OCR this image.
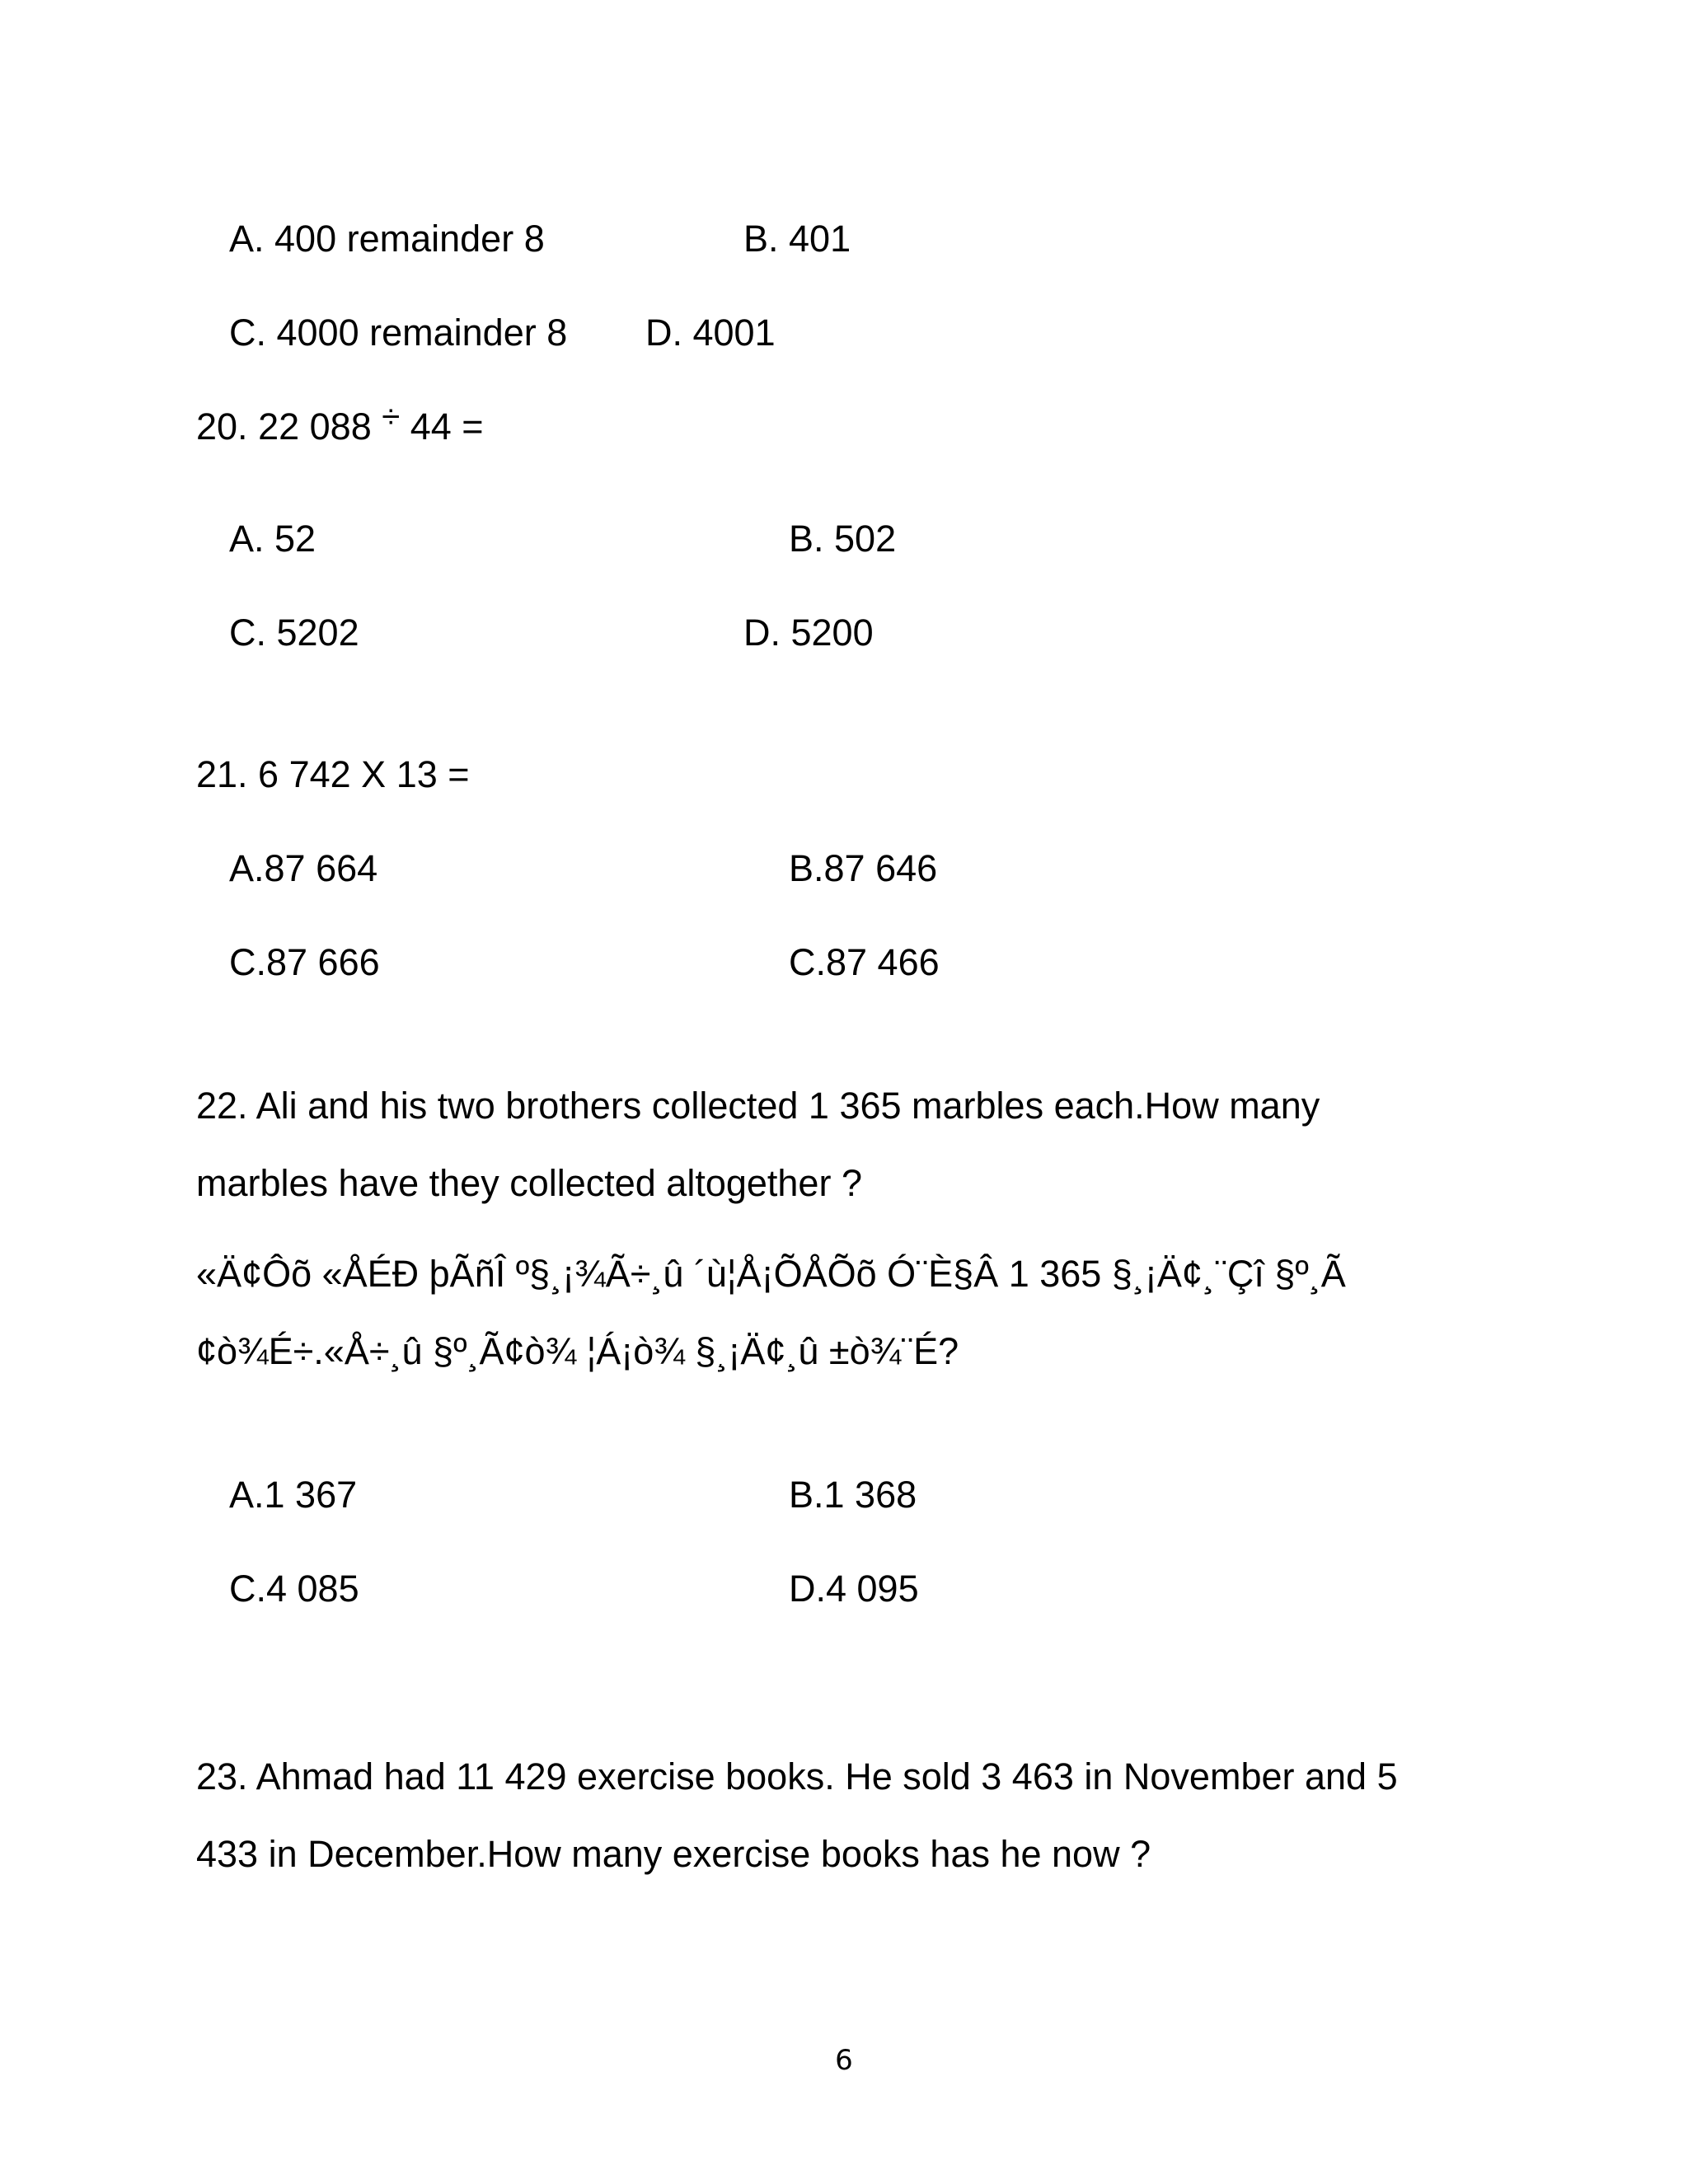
A. 400 remainder 8	B. 401
C. 4000 remainder 8 D. 4001
20. 22 088 ÷ 44 =
A. 52	B. 502
C. 5202	D. 5200
21. 6 742 X 13 =
A.87 664	B.87 646
C.87 666	C.87 466
22. Ali and his two brothers collected 1 365 marbles each.How many
marbles have they collected altogether ?
«Ä¢Ôõ «ÅÉÐ þÃñÎ º§¸¡¾Ã÷¸û ´ù¦Å¡ÕÅÕõ Ó¨È§Â 1 365 §¸¡Ä¢¸¨Çî §º¸Ã
¢ò¾É÷.«Å÷¸û §º¸Ã¢ò¾ ¦Á¡ò¾ §¸¡Ä¢¸û ±ò¾¨É?
A.1 367	B.1 368
C.4 085	D.4 095
23. Ahmad had 11 429 exercise books. He sold 3 463 in November and 5
433 in December.How many exercise books has he now ?
6
